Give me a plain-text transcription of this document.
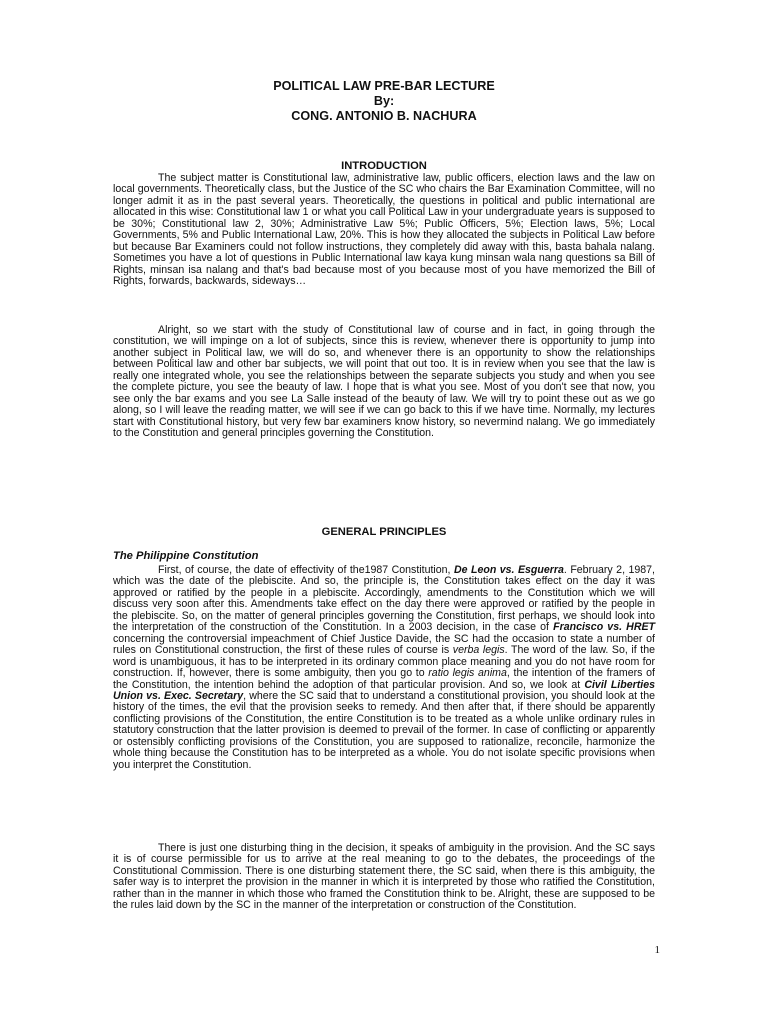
POLITICAL LAW PRE-BAR LECTURE
By:
CONG. ANTONIO B. NACHURA
INTRODUCTION

The subject matter is Constitutional law, administrative law, public officers, election laws and the law on local governments. Theoretically class, but the Justice of the SC who chairs the Bar Examination Committee, will no longer admit it as in the past several years. Theoretically, the questions in political and public international are allocated in this wise: Constitutional law 1 or what you call Political Law in your undergraduate years is supposed to be 30%; Constitutional law 2, 30%; Administrative Law 5%; Public Officers, 5%; Election laws, 5%; Local Governments, 5% and Public International Law, 20%. This is how they allocated the subjects in Political Law before but because Bar Examiners could not follow instructions, they completely did away with this, basta bahala nalang. Sometimes you have a lot of questions in Public International law kaya kung minsan wala nang questions sa Bill of Rights, minsan isa nalang and that's bad because most of you because most of you have memorized the Bill of Rights, forwards, backwards, sideways…

Alright, so we start with the study of Constitutional law of course and in fact, in going through the constitution, we will impinge on a lot of subjects, since this is review, whenever there is opportunity to jump into another subject in Political law, we will do so, and whenever there is an opportunity to show the relationships between Political law and other bar subjects, we will point that out too. It is in review when you see that the law is really one integrated whole, you see the relationships between the separate subjects you study and when you see the complete picture, you see the beauty of law. I hope that is what you see. Most of you don't see that now, you see only the bar exams and you see La Salle instead of the beauty of law. We will try to point these out as we go along, so I will leave the reading matter, we will see if we can go back to this if we have time. Normally, my lectures start with Constitutional history, but very few bar examiners know history, so nevermind nalang. We go immediately to the Constitution and general principles governing the Constitution.

GENERAL PRINCIPLES
The Philippine Constitution

First, of course, the date of effectivity of the1987 Constitution, De Leon vs. Esguerra. February 2, 1987, which was the date of the plebiscite. And so, the principle is, the Constitution takes effect on the day it was approved or ratified by the people in a plebiscite. Accordingly, amendments to the Constitution which we will discuss very soon after this. Amendments take effect on the day there were approved or ratified by the people in the plebiscite. So, on the matter of general principles governing the Constitution, first perhaps, we should look into the interpretation of the construction of the Constitution. In a 2003 decision, in the case of Francisco vs. HRET concerning the controversial impeachment of Chief Justice Davide, the SC had the occasion to state a number of rules on Constitutional construction, the first of these rules of course is verba legis. The word of the law. So, if the word is unambiguous, it has to be interpreted in its ordinary common place meaning and you do not have room for construction. If, however, there is some ambiguity, then you go to ratio legis anima, the intention of the framers of the Constitution, the intention behind the adoption of that particular provision. And so, we look at Civil Liberties Union vs. Exec. Secretary, where the SC said that to understand a constitutional provision, you should look at the history of the times, the evil that the provision seeks to remedy. And then after that, if there should be apparently conflicting provisions of the Constitution, the entire Constitution is to be treated as a whole unlike ordinary rules in statutory construction that the latter provision is deemed to prevail of the former. In case of conflicting or apparently or ostensibly conflicting provisions of the Constitution, you are supposed to rationalize, reconcile, harmonize the whole thing because the Constitution has to be interpreted as a whole. You do not isolate specific provisions when you interpret the Constitution.

There is just one disturbing thing in the decision, it speaks of ambiguity in the provision. And the SC says it is of course permissible for us to arrive at the real meaning to go to the debates, the proceedings of the Constitutional Commission. There is one disturbing statement there, the SC said, when there is this ambiguity, the safer way is to interpret the provision in the manner in which it is interpreted by those who ratified the Constitution, rather than in the manner in which those who framed the Constitution think to be. Alright, these are supposed to be the rules laid down by the SC in the manner of the interpretation or construction of the Constitution.

1
